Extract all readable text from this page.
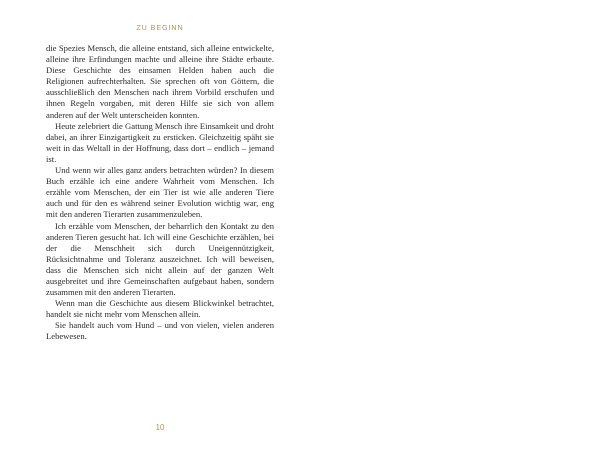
ZU BEGINN

die Spezies Mensch, die alleine entstand, sich alleine entwickelte, alleine ihre Erfindungen machte und alleine ihre Städte erbaute. Diese Geschichte des einsamen Helden haben auch die Religionen aufrechterhalten. Sie sprechen oft von Göttern, die ausschließlich den Menschen nach ihrem Vorbild erschufen und ihnen Regeln vorgaben, mit deren Hilfe sie sich von allem anderen auf der Welt unterscheiden konnten.

Heute zelebriert die Gattung Mensch ihre Einsamkeit und droht dabei, an ihrer Einzigartigkeit zu ersticken. Gleichzeitig späht sie weit in das Weltall in der Hoffnung, dass dort – endlich – jemand ist.

Und wenn wir alles ganz anders betrachten würden? In diesem Buch erzähle ich eine andere Wahrheit vom Menschen. Ich erzähle vom Menschen, der ein Tier ist wie alle anderen Tiere auch und für den es während seiner Evolution wichtig war, eng mit den anderen Tierarten zusammenzuleben.

Ich erzähle vom Menschen, der beharrlich den Kontakt zu den anderen Tieren gesucht hat. Ich will eine Geschichte erzählen, bei der die Menschheit sich durch Uneigennützigkeit, Rücksichtnahme und Toleranz auszeichnet. Ich will beweisen, dass die Menschen sich nicht allein auf der ganzen Welt ausgebreitet und ihre Gemeinschaften aufgebaut haben, sondern zusammen mit den anderen Tierarten.

Wenn man die Geschichte aus diesem Blickwinkel betrachtet, handelt sie nicht mehr vom Menschen allein.

Sie handelt auch vom Hund – und von vielen, vielen anderen Lebewesen.

10
